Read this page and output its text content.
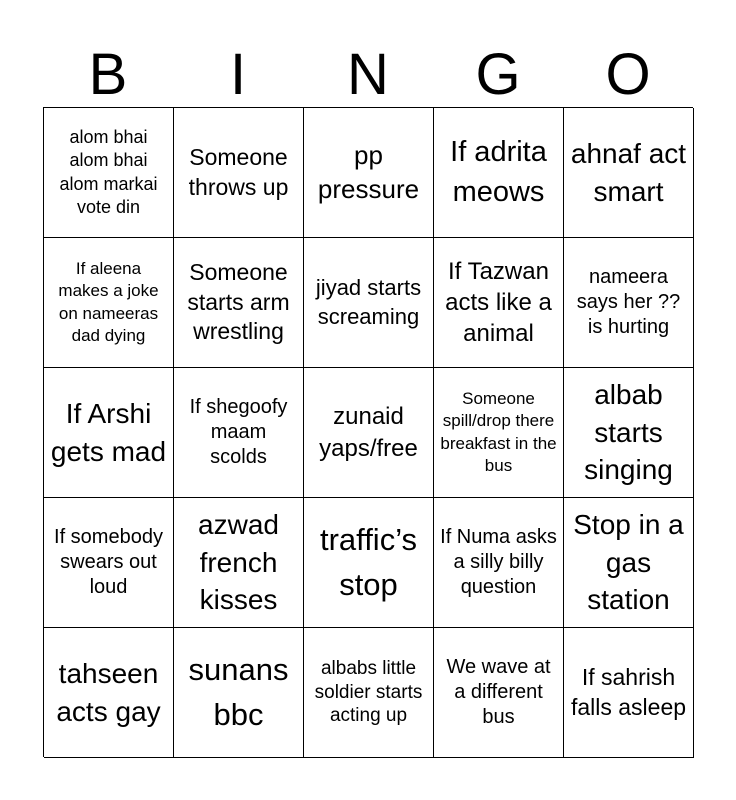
B	I	N	G	O
alom bhai alom bhai alom markai vote din
Someone throws up
pp pressure
If adrita meows
ahnaf act smart
If aleena makes a joke on nameeras dad dying
Someone starts arm wrestling
jiyad starts screaming
If Tazwan acts like a animal
nameera says her ?? is hurting
If Arshi gets mad
If shegoofy maam scolds
zunaid yaps/free
Someone spill/drop there breakfast in the bus
albab starts singing
If somebody swears out loud
azwad french kisses
traffic’s stop
If Numa asks a silly billy question
Stop in a gas station
tahseen acts gay
sunans bbc
albabs little soldier starts acting up
We wave at a different bus
If sahrish falls asleep
